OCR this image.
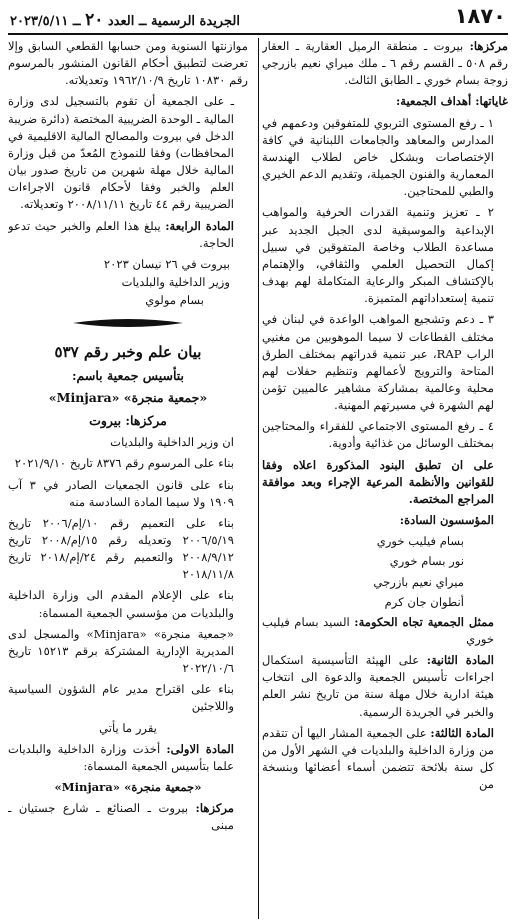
١٨٧٠
الجريدة الرسمية ــ العدد ٢٠ ــ ٢٠٢٣/٥/١١

مركزها: بيروت ـ منطقة الرميل العقارية ـ العقار رقم ٥٠٨ ـ القسم رقم ٦ ـ ملك ميراي نعيم بازرجي زوجة بسام خوري ـ الطابق الثالث.

غاياتها: أهداف الجمعية:

١ ـ رفع المستوى التربوي للمتفوقين ودعمهم في المدارس والمعاهد والجامعات اللبنانية في كافة الإختصاصات وبشكل خاص لطلاب الهندسة المعمارية والفنون الجميلة، وتقديم الدعم الخيري والطبي للمحتاجين.

٢ ـ تعزيز وتنمية القدرات الحرفية والمواهب الإبداعية والموسيقية لدى الجيل الجديد عبر مساعدة الطلاب وخاصة المتفوقين في سبيل إكمال التحصيل العلمي والثقافي، والإهتمام بالإكتشاف المبكر والرعاية المتكاملة لهم بهدف تنمية إستعداداتهم المتميزة.

٣ ـ دعم وتشجيع المواهب الواعدة في لبنان في مختلف القطاعات لا سيما الموهوبين من مغنيي الراب RAP، عبر تنمية قدراتهم بمختلف الطرق المتاحة والترويج لأعمالهم وتنظيم حفلات لهم محلية وعالمية بمشاركة مشاهير عالميين تؤمن لهم الشهرة في مسيرتهم المهنية.

٤ ـ رفع المستوى الاجتماعي للفقراء والمحتاجين بمختلف الوسائل من غذائية وأدوية.

على ان تطبق البنود المذكورة اعلاه وفقا للقوانين والأنظمة المرعية الإجراء وبعد موافقة المراجع المختصة.

المؤسسون السادة:

بسام فيليب خوري

نور بسام خوري

ميراي نعيم بازرجي

أنطوان جان كرم

ممثل الجمعية تجاه الحكومة: السيد بسام فيليب خوري

المادة الثانية: على الهيئة التأسيسية استكمال اجراءات تأسيس الجمعية والدعوة الى انتخاب هيئة ادارية خلال مهلة سنة من تاريخ نشر العلم والخبر في الجريدة الرسمية.

المادة الثالثة: على الجمعية المشار اليها أن تتقدم من وزارة الداخلية والبلديات في الشهر الأول من كل سنة بلائحة تتضمن أسماء أعضائها وبنسخة من

موازنتها السنوية ومن حسابها القطعي السابق وإلا تعرضت لتطبيق أحكام القانون المنشور بالمرسوم رقم ١٠٨٣٠ تاريخ ١٩٦٢/١٠/٩ وتعديلاته.

ـ على الجمعية أن تقوم بالتسجيل لدى وزارة المالية ـ الوحدة الضريبية المختصة (دائرة ضريبة الدخل في بيروت والمصالح المالية الاقليمية في المحافظات) وفقا للنموذج المُعدّ من قبل وزارة المالية خلال مهلة شهرين من تاريخ صدور بيان العلم والخبر وفقا لأحكام قانون الاجراءات الضريبية رقم ٤٤ تاريخ ٢٠٠٨/١١/١١ وتعديلاته.

المادة الرابعة: يبلغ هذا العلم والخبر حيث تدعو الحاجة.

بيروت في ٢٦ نيسان ٢٠٢٣

وزير الداخلية والبلديات

بسام مولوي

بيان علم وخبر رقم ٥٣٧

بتأسيس جمعية باسم:

«جمعية منجرة» «Minjara»

مركزها: بيروت

ان وزير الداخلية والبلديات

بناء على المرسوم رقم ٨٣٧٦ تاريخ ٢٠٢١/٩/١٠

بناء على قانون الجمعيات الصادر في ٣ آب ١٩٠٩ ولا سيما المادة السادسة منه

بناء على التعميم رقم ١٠/إم/٢٠٠٦ تاريخ ٢٠٠٦/٥/١٩ وتعديله رقم ١٥/إم/٢٠٠٨ تاريخ ٢٠٠٨/٩/١٢ والتعميم رقم ٢٤/إم/٢٠١٨ تاريخ ٢٠١٨/١١/٨

بناء على الإعلام المقدم الى وزارة الداخلية والبلديات من مؤسسي الجمعية المسماة:

«جمعية منجرة» «Minjara» والمسجل لدى المديرية الإدارية المشتركة برقم ١٥٢١٣ تاريخ ٢٠٢٢/١٠/٦

بناء على اقتراح مدير عام الشؤون السياسية واللاجئين

يقرر ما يأتي

المادة الاولى: أخذت وزارة الداخلية والبلديات علما بتأسيس الجمعية المسماة:

«جمعية منجرة» «Minjara»

مركزها: بيروت ـ الصنائع ـ شارع جستيان ـ مبنى
